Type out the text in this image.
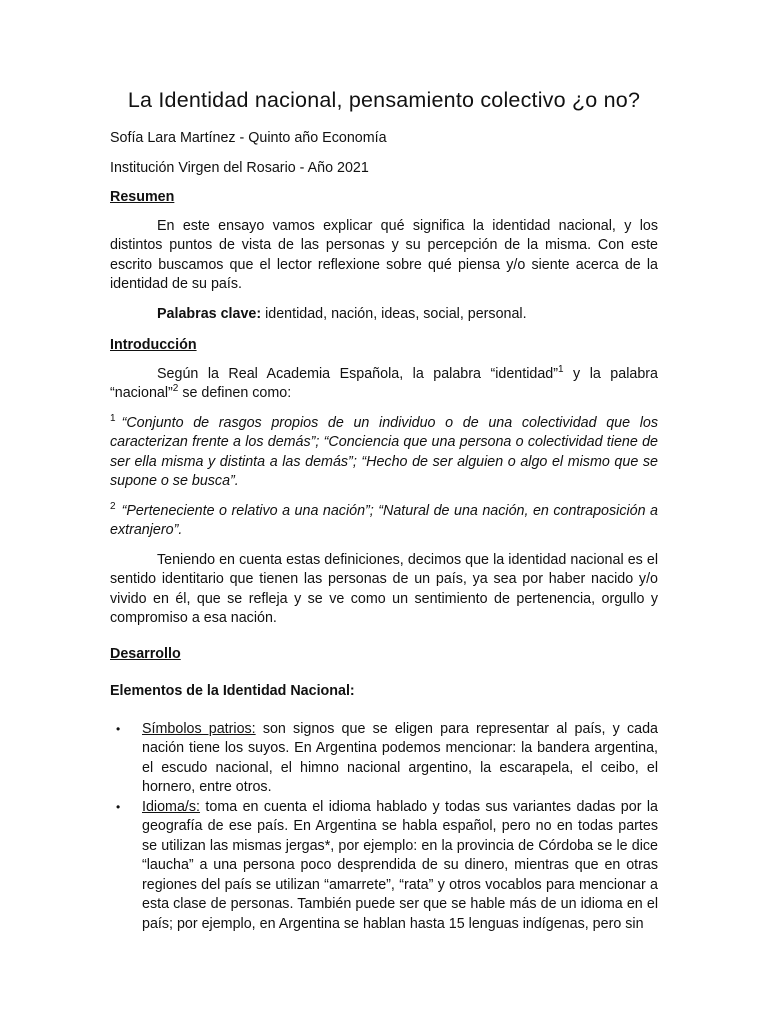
La Identidad nacional, pensamiento colectivo ¿o no?

Sofía Lara Martínez - Quinto año Economía

Institución Virgen del Rosario - Año 2021

Resumen

En este ensayo vamos explicar qué significa la identidad nacional, y los distintos puntos de vista de las personas y su percepción de la misma. Con este escrito buscamos que el lector reflexione sobre qué piensa y/o siente acerca de la identidad de su país.

Palabras clave: identidad, nación, ideas, social, personal.

Introducción

Según la Real Academia Española, la palabra “identidad”$^1$ y la palabra “nacional”$^2$ se definen como:

$^1$ “Conjunto de rasgos propios de un individuo o de una colectividad que los caracterizan frente a los demás”; “Conciencia que una persona o colectividad tiene de ser ella misma y distinta a las demás”; “Hecho de ser alguien o algo el mismo que se supone o se busca”.

$^2$ “Perteneciente o relativo a una nación”; “Natural de una nación, en contraposición a extranjero”.

Teniendo en cuenta estas definiciones, decimos que la identidad nacional es el sentido identitario que tienen las personas de un país, ya sea por haber nacido y/o vivido en él, que se refleja y se ve como un sentimiento de pertenencia, orgullo y compromiso a esa nación.

Desarrollo

Elementos de la Identidad Nacional:

• Símbolos patrios: son signos que se eligen para representar al país, y cada nación tiene los suyos. En Argentina podemos mencionar: la bandera argentina, el escudo nacional, el himno nacional argentino, la escarapela, el ceibo, el hornero, entre otros.
• Idioma/s: toma en cuenta el idioma hablado y todas sus variantes dadas por la geografía de ese país. En Argentina se habla español, pero no en todas partes se utilizan las mismas jergas*, por ejemplo: en la provincia de Córdoba se le dice “laucha” a una persona poco desprendida de su dinero, mientras que en otras regiones del país se utilizan “amarrete”, “rata” y otros vocablos para mencionar a esta clase de personas. También puede ser que se hable más de un idioma en el país; por ejemplo, en Argentina se hablan hasta 15 lenguas indígenas, pero sin
